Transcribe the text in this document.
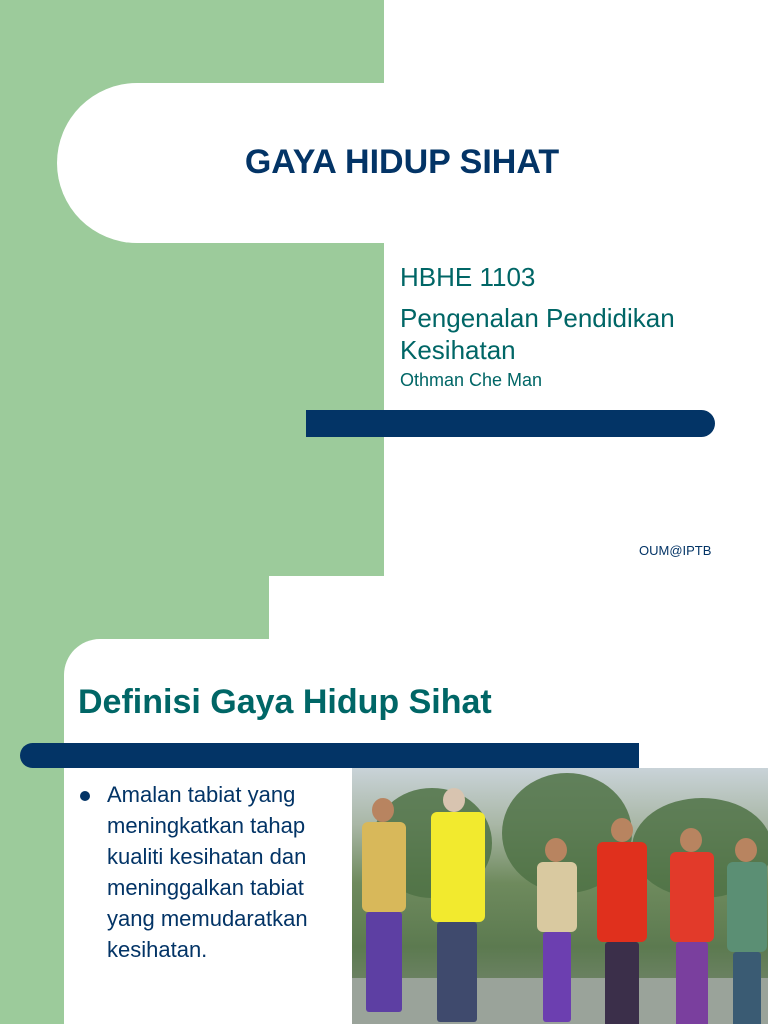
GAYA HIDUP SIHAT
HBHE 1103
Pengenalan Pendidikan Kesihatan
Othman Che Man
OUM@IPTB
Definisi Gaya Hidup Sihat
Amalan tabiat yang meningkatkan tahap kualiti kesihatan dan meninggalkan tabiat yang memudaratkan kesihatan.
